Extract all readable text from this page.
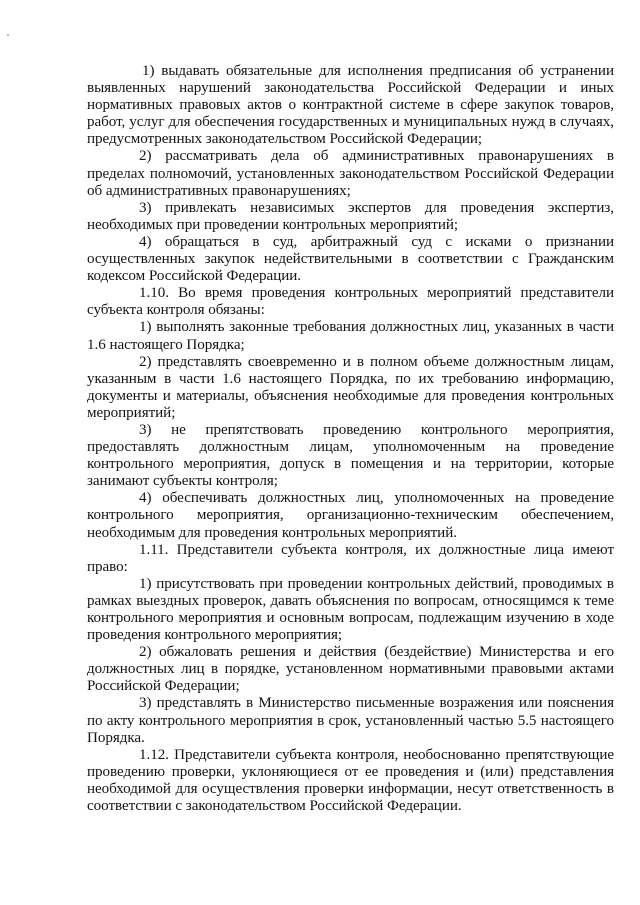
1) выдавать обязательные для исполнения предписания об устранении выявленных нарушений законодательства Российской Федерации и иных нормативных правовых актов о контрактной системе в сфере закупок товаров, работ, услуг для обеспечения государственных и муниципальных нужд в случаях, предусмотренных законодательством Российской Федерации;

2) рассматривать дела об административных правонарушениях в пределах полномочий, установленных законодательством Российской Федерации об административных правонарушениях;

3) привлекать независимых экспертов для проведения экспертиз, необходимых при проведении контрольных мероприятий;

4) обращаться в суд, арбитражный суд с исками о признании осуществленных закупок недействительными в соответствии с Гражданским кодексом Российской Федерации.

1.10. Во время проведения контрольных мероприятий представители субъекта контроля обязаны:

1) выполнять законные требования должностных лиц, указанных в части 1.6 настоящего Порядка;

2) представлять своевременно и в полном объеме должностным лицам, указанным в части 1.6 настоящего Порядка, по их требованию информацию, документы и материалы, объяснения необходимые для проведения контрольных мероприятий;

3) не препятствовать проведению контрольного мероприятия, предоставлять должностным лицам, уполномоченным на проведение контрольного мероприятия, допуск в помещения и на территории, которые занимают субъекты контроля;

4) обеспечивать должностных лиц, уполномоченных на проведение контрольного мероприятия, организационно-техническим обеспечением, необходимым для проведения контрольных мероприятий.

1.11. Представители субъекта контроля, их должностные лица имеют право:

1) присутствовать при проведении контрольных действий, проводимых в рамках выездных проверок, давать объяснения по вопросам, относящимся к теме контрольного мероприятия и основным вопросам, подлежащим изучению в ходе проведения контрольного мероприятия;

2) обжаловать решения и действия (бездействие) Министерства и его должностных лиц в порядке, установленном нормативными правовыми актами Российской Федерации;

3) представлять в Министерство письменные возражения или пояснения по акту контрольного мероприятия в срок, установленный частью 5.5 настоящего Порядка.

1.12. Представители субъекта контроля, необоснованно препятствующие проведению проверки, уклоняющиеся от ее проведения и (или) представления необходимой для осуществления проверки информации, несут ответственность в соответствии с законодательством Российской Федерации.
